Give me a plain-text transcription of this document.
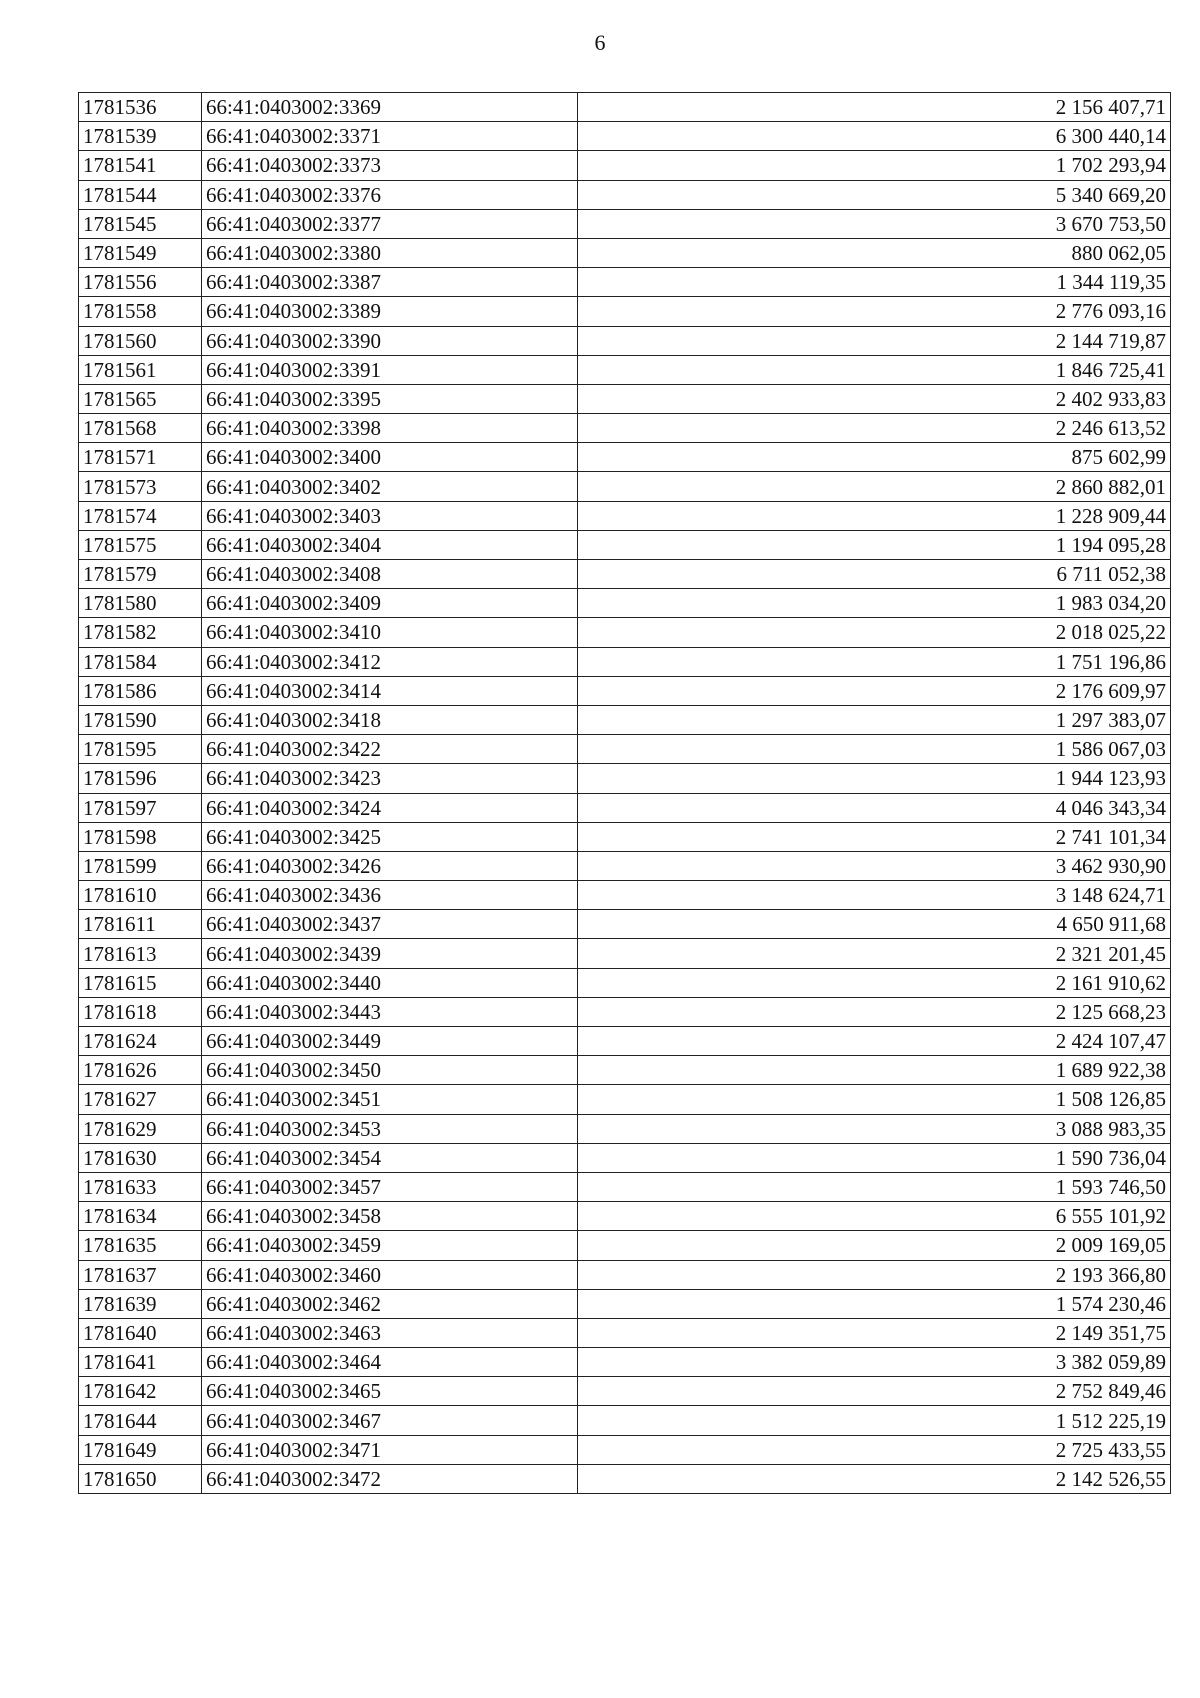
6
1781536	66:41:0403002:3369		2 156 407,71
1781539	66:41:0403002:3371		6 300 440,14
1781541	66:41:0403002:3373		1 702 293,94
1781544	66:41:0403002:3376		5 340 669,20
1781545	66:41:0403002:3377		3 670 753,50
1781549	66:41:0403002:3380		880 062,05
1781556	66:41:0403002:3387		1 344 119,35
1781558	66:41:0403002:3389		2 776 093,16
1781560	66:41:0403002:3390		2 144 719,87
1781561	66:41:0403002:3391		1 846 725,41
1781565	66:41:0403002:3395		2 402 933,83
1781568	66:41:0403002:3398		2 246 613,52
1781571	66:41:0403002:3400		875 602,99
1781573	66:41:0403002:3402		2 860 882,01
1781574	66:41:0403002:3403		1 228 909,44
1781575	66:41:0403002:3404		1 194 095,28
1781579	66:41:0403002:3408		6 711 052,38
1781580	66:41:0403002:3409		1 983 034,20
1781582	66:41:0403002:3410		2 018 025,22
1781584	66:41:0403002:3412		1 751 196,86
1781586	66:41:0403002:3414		2 176 609,97
1781590	66:41:0403002:3418		1 297 383,07
1781595	66:41:0403002:3422		1 586 067,03
1781596	66:41:0403002:3423		1 944 123,93
1781597	66:41:0403002:3424		4 046 343,34
1781598	66:41:0403002:3425		2 741 101,34
1781599	66:41:0403002:3426		3 462 930,90
1781610	66:41:0403002:3436		3 148 624,71
1781611	66:41:0403002:3437		4 650 911,68
1781613	66:41:0403002:3439		2 321 201,45
1781615	66:41:0403002:3440		2 161 910,62
1781618	66:41:0403002:3443		2 125 668,23
1781624	66:41:0403002:3449		2 424 107,47
1781626	66:41:0403002:3450		1 689 922,38
1781627	66:41:0403002:3451		1 508 126,85
1781629	66:41:0403002:3453		3 088 983,35
1781630	66:41:0403002:3454		1 590 736,04
1781633	66:41:0403002:3457		1 593 746,50
1781634	66:41:0403002:3458		6 555 101,92
1781635	66:41:0403002:3459		2 009 169,05
1781637	66:41:0403002:3460		2 193 366,80
1781639	66:41:0403002:3462		1 574 230,46
1781640	66:41:0403002:3463		2 149 351,75
1781641	66:41:0403002:3464		3 382 059,89
1781642	66:41:0403002:3465		2 752 849,46
1781644	66:41:0403002:3467		1 512 225,19
1781649	66:41:0403002:3471		2 725 433,55
1781650	66:41:0403002:3472		2 142 526,55
